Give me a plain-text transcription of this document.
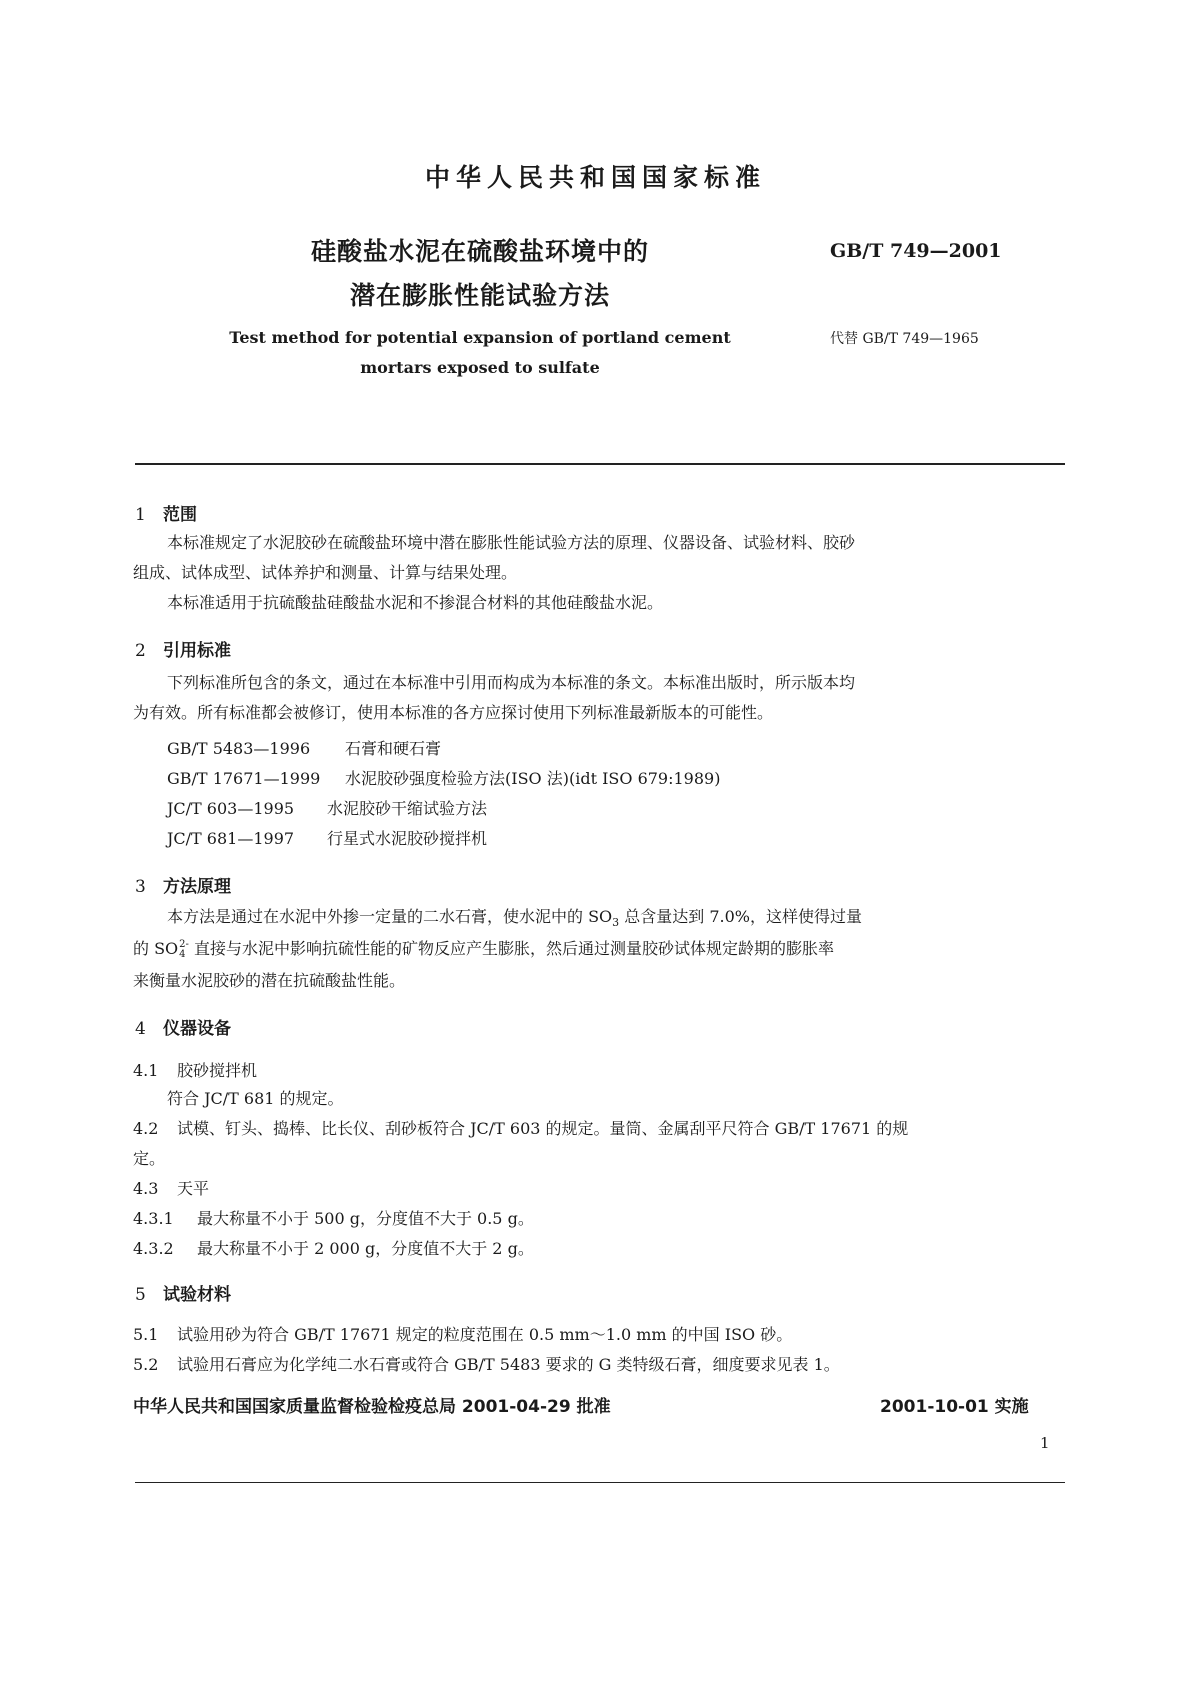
中华人民共和国国家标准
硅酸盐水泥在硫酸盐环境中的
潜在膨胀性能试验方法
GB/T 749—2001
代替 GB/T 749—1965
Test method for potential expansion of portland cement
mortars exposed to sulfate
1 范围
本标准规定了水泥胶砂在硫酸盐环境中潜在膨胀性能试验方法的原理、仪器设备、试验材料、胶砂
组成、试体成型、试体养护和测量、计算与结果处理。
本标准适用于抗硫酸盐硅酸盐水泥和不掺混合材料的其他硅酸盐水泥。
2 引用标准
下列标准所包含的条文，通过在本标准中引用而构成为本标准的条文。本标准出版时，所示版本均
为有效。所有标准都会被修订，使用本标准的各方应探讨使用下列标准最新版本的可能性。
GB/T 5483—1996 石膏和硬石膏
GB/T 17671—1999 水泥胶砂强度检验方法(ISO 法)(idt ISO 679:1989)
JC/T 603—1995 水泥胶砂干缩试验方法
JC/T 681—1997 行星式水泥胶砂搅拌机
3 方法原理
本方法是通过在水泥中外掺一定量的二水石膏，使水泥中的 $SO_3$ 总含量达到 7.0%，这样使得过量
的 SO 2-
4 直接与水泥中影响抗硫性能的矿物反应产生膨胀，然后通过测量胶砂试体规定龄期的膨胀率
来衡量水泥胶砂的潜在抗硫酸盐性能。
4 仪器设备
4.1 胶砂搅拌机
符合 JC/T 681 的规定。
4.2 试模、钉头、捣棒、比长仪、刮砂板符合 JC/T 603 的规定。量筒、金属刮平尺符合 GB/T 17671 的规
定。
4.3 天平
4.3.1 最大称量不小于 500 g，分度值不大于 0.5 g。
4.3.2 最大称量不小于 2 000 g，分度值不大于 2 g。
5 试验材料
5.1 试验用砂为符合 GB/T 17671 规定的粒度范围在 0.5 mm～1.0 mm 的中国 ISO 砂。
5.2 试验用石膏应为化学纯二水石膏或符合 GB/T 5483 要求的 G 类特级石膏，细度要求见表 1。
中华人民共和国国家质量监督检验检疫总局 2001-04-29 批准	2001-10-01 实施
1
